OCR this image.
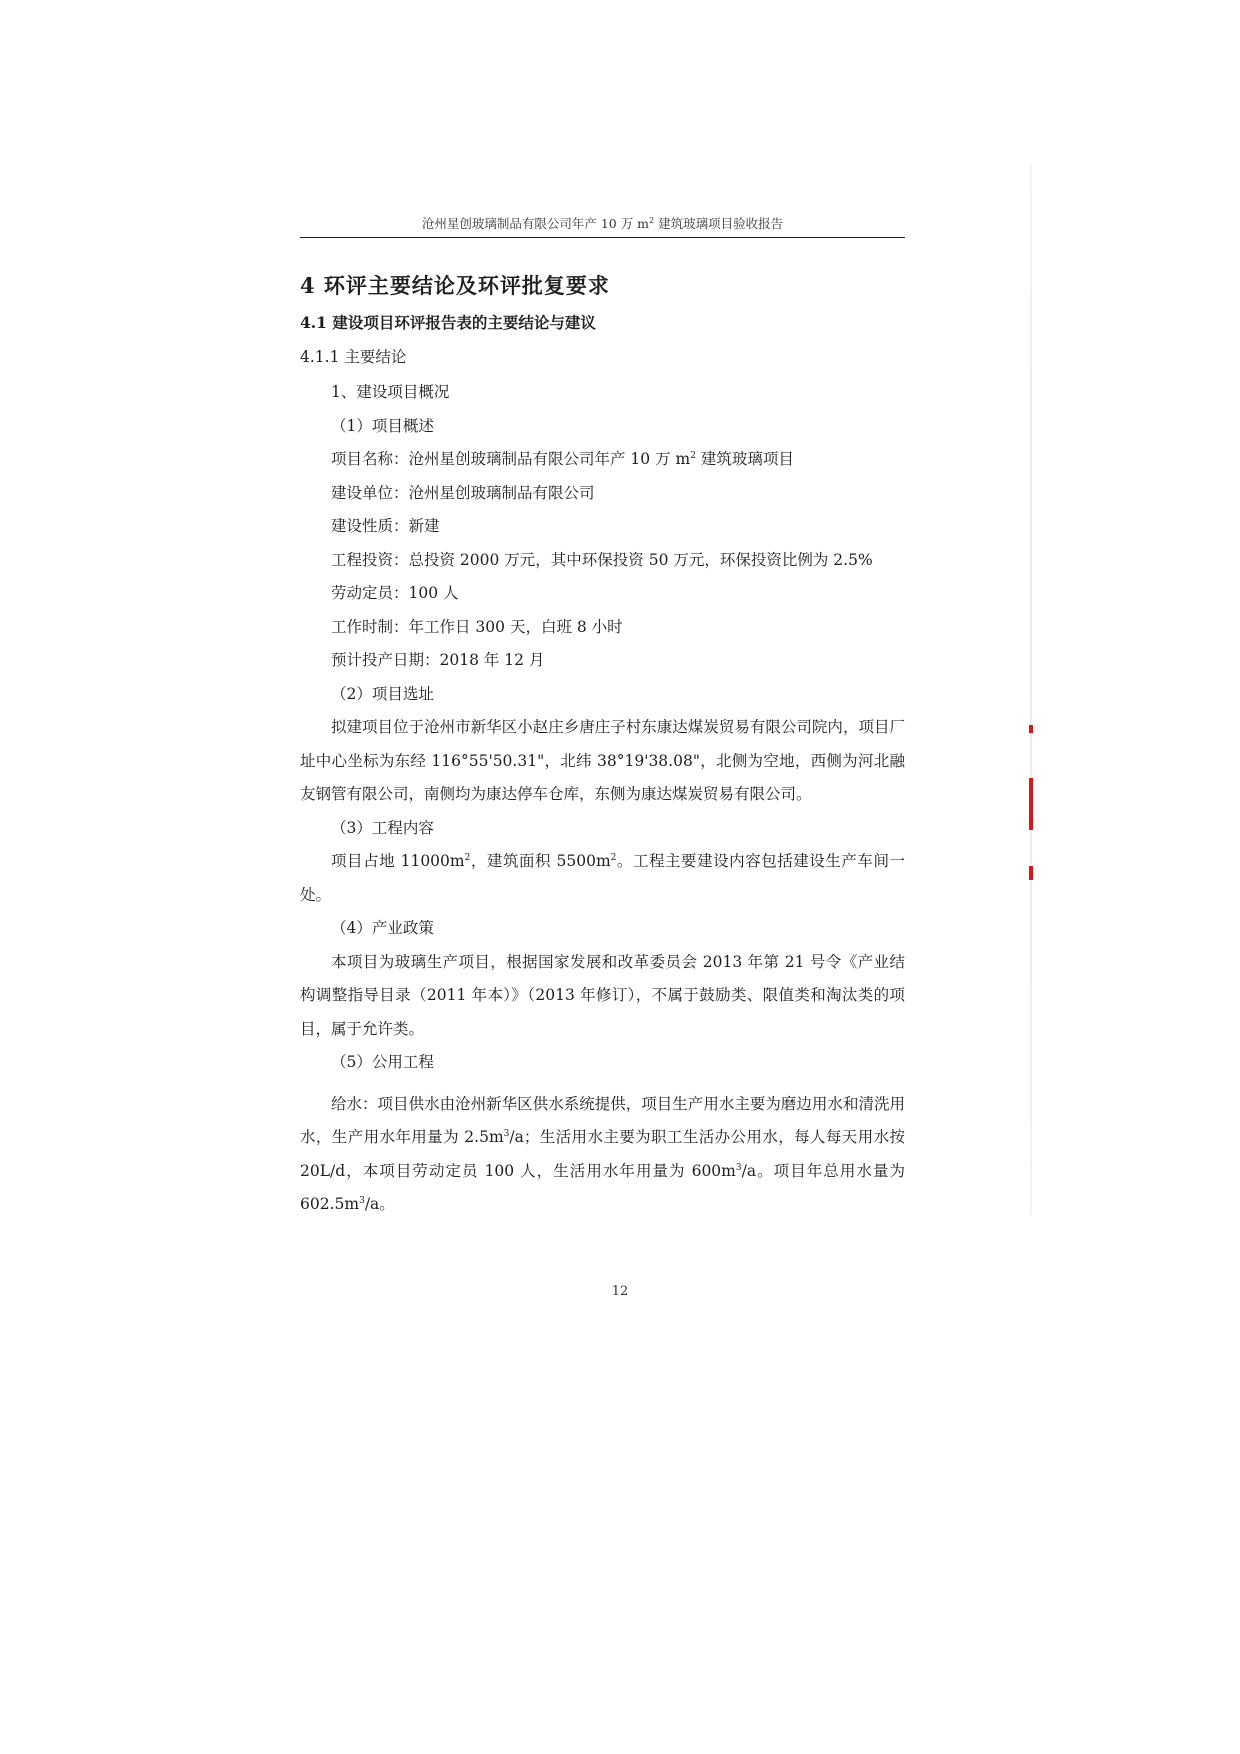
沧州星创玻璃制品有限公司年产 10 万 $m^2$ 建筑玻璃项目验收报告
4 环评主要结论及环评批复要求
4.1 建设项目环评报告表的主要结论与建议
4.1.1 主要结论

1、建设项目概况

（1）项目概述

项目名称：沧州星创玻璃制品有限公司年产 10 万 $m^2$ 建筑玻璃项目

建设单位：沧州星创玻璃制品有限公司

建设性质：新建

工程投资：总投资 2000 万元，其中环保投资 50 万元，环保投资比例为 2.5%

劳动定员：100 人

工作时制：年工作日 300 天，白班 8 小时

预计投产日期：2018 年 12 月

（2）项目选址

拟建项目位于沧州市新华区小赵庄乡唐庄子村东康达煤炭贸易有限公司院内，项目厂址中心坐标为东经 116°55'50.31"，北纬 38°19'38.08"，北侧为空地，西侧为河北融友钢管有限公司，南侧均为康达停车仓库，东侧为康达煤炭贸易有限公司。

（3）工程内容

项目占地 $11000m^2$，建筑面积 $5500m^2$。工程主要建设内容包括建设生产车间一处。

（4）产业政策

本项目为玻璃生产项目，根据国家发展和改革委员会 2013 年第 21 号令《产业结构调整指导目录（2011 年本）》（2013 年修订），不属于鼓励类、限值类和淘汰类的项目，属于允许类。

（5）公用工程

给水：项目供水由沧州新华区供水系统提供，项目生产用水主要为磨边用水和清洗用水，生产用水年用量为 $2.5m^3/a$；生活用水主要为职工生活办公用水，每人每天用水按 20L/d，本项目劳动定员 100 人，生活用水年用量为 $600m^3/a$。项目年总用水量为 $602.5m^3/a$。

12
